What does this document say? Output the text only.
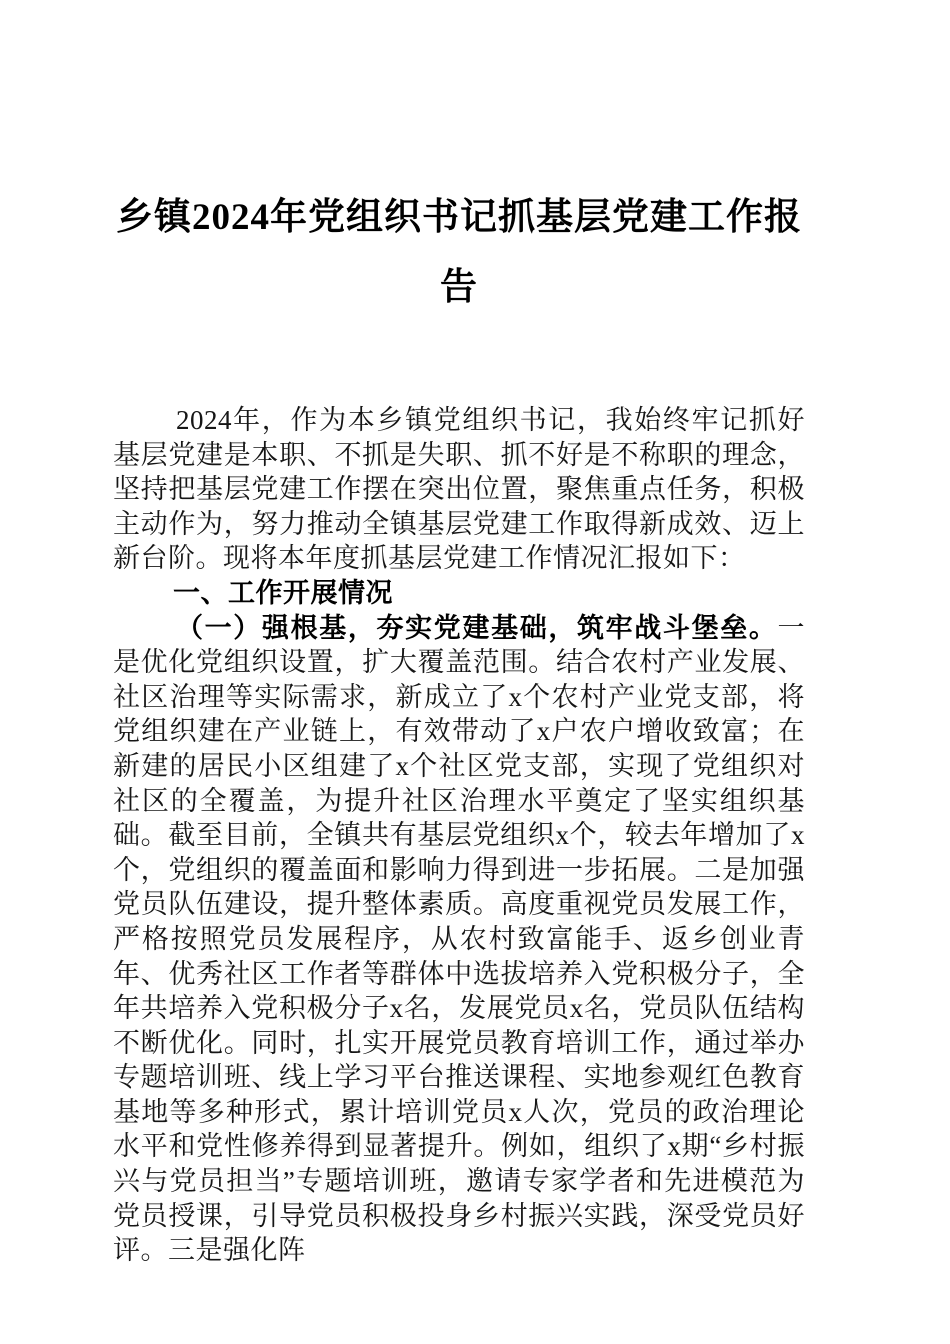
乡镇2024年党组织书记抓基层党建工作报
告

2024年，作为本乡镇党组织书记，我始终牢记抓好基层党建是本职、不抓是失职、抓不好是不称职的理念，坚持把基层党建工作摆在突出位置，聚焦重点任务，积极主动作为，努力推动全镇基层党建工作取得新成效、迈上新台阶。现将本年度抓基层党建工作情况汇报如下：

一、工作开展情况

（一）强根基，夯实党建基础，筑牢战斗堡垒。一是优化党组织设置，扩大覆盖范围。结合农村产业发展、社区治理等实际需求，新成立了x个农村产业党支部，将党组织建在产业链上，有效带动了x户农户增收致富；在新建的居民小区组建了x个社区党支部，实现了党组织对社区的全覆盖，为提升社区治理水平奠定了坚实组织基础。截至目前，全镇共有基层党组织x个，较去年增加了x个，党组织的覆盖面和影响力得到进一步拓展。二是加强党员队伍建设，提升整体素质。高度重视党员发展工作，严格按照党员发展程序，从农村致富能手、返乡创业青年、优秀社区工作者等群体中选拔培养入党积极分子，全年共培养入党积极分子x名，发展党员x名，党员队伍结构不断优化。同时，扎实开展党员教育培训工作，通过举办专题培训班、线上学习平台推送课程、实地参观红色教育基地等多种形式，累计培训党员x人次，党员的政治理论水平和党性修养得到显著提升。例如，组织了x期“乡村振兴与党员担当”专题培训班，邀请专家学者和先进模范为党员授课，引导党员积极投身乡村振兴实践，深受党员好评。三是强化阵
